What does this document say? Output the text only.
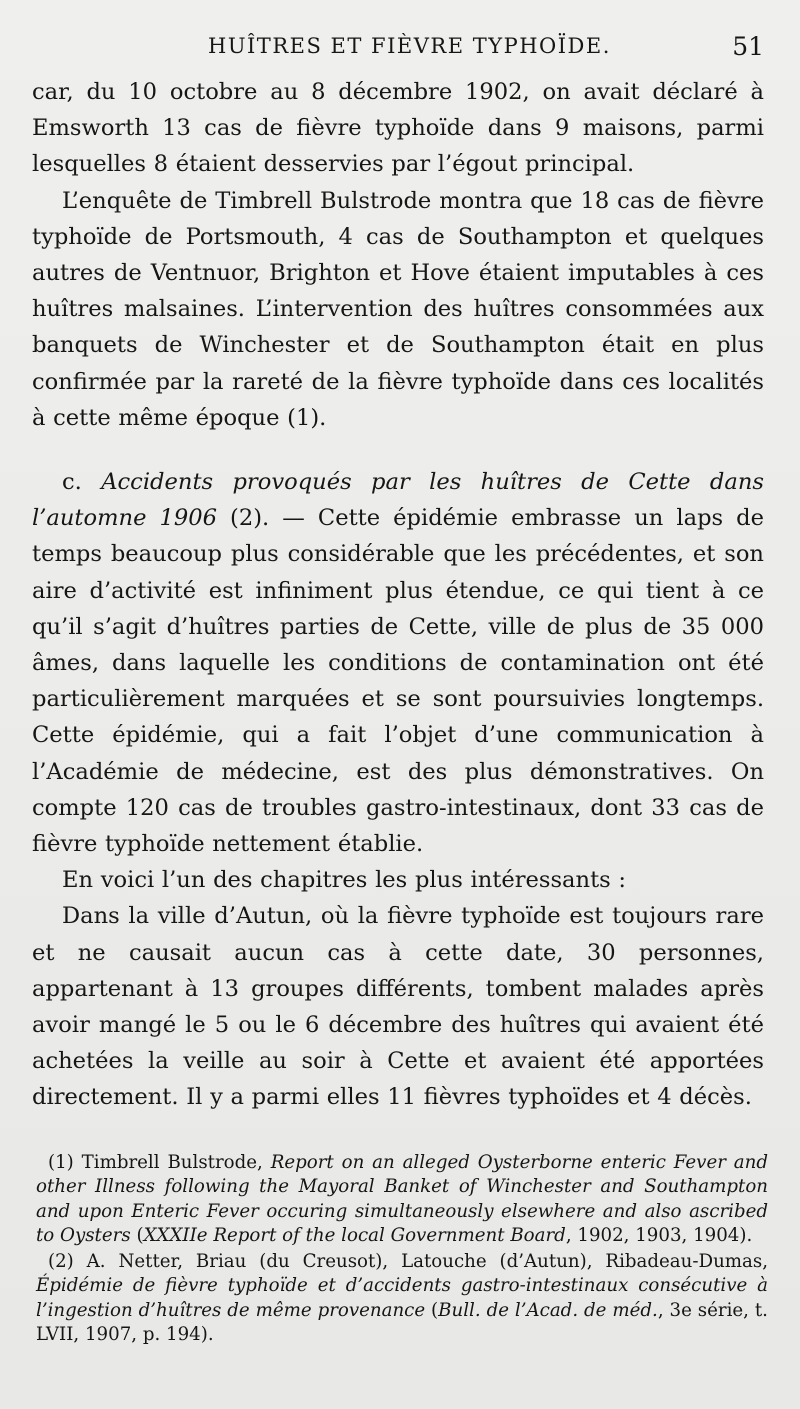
HUÎTRES ET FIÈVRE TYPHOÏDE.	51

car, du 10 octobre au 8 décembre 1902, on avait déclaré à Emsworth 13 cas de fièvre typhoïde dans 9 maisons, parmi lesquelles 8 étaient desservies par l’égout principal.

L’enquête de Timbrell Bulstrode montra que 18 cas de fièvre typhoïde de Portsmouth, 4 cas de Southampton et quelques autres de Ventnuor, Brighton et Hove étaient imputables à ces huîtres malsaines. L’intervention des huîtres consommées aux banquets de Winchester et de Southampton était en plus confirmée par la rareté de la fièvre typhoïde dans ces localités à cette même époque (1).

c. Accidents provoqués par les huîtres de Cette dans l’automne 1906 (2). — Cette épidémie embrasse un laps de temps beaucoup plus considérable que les précédentes, et son aire d’activité est infiniment plus étendue, ce qui tient à ce qu’il s’agit d’huîtres parties de Cette, ville de plus de 35 000 âmes, dans laquelle les conditions de contamination ont été particulièrement marquées et se sont poursuivies longtemps. Cette épidémie, qui a fait l’objet d’une communication à l’Académie de médecine, est des plus démonstratives. On compte 120 cas de troubles gastro-intestinaux, dont 33 cas de fièvre typhoïde nettement établie.

En voici l’un des chapitres les plus intéressants :

Dans la ville d’Autun, où la fièvre typhoïde est toujours rare et ne causait aucun cas à cette date, 30 personnes, appartenant à 13 groupes différents, tombent malades après avoir mangé le 5 ou le 6 décembre des huîtres qui avaient été achetées la veille au soir à Cette et avaient été apportées directement. Il y a parmi elles 11 fièvres typhoïdes et 4 décès.

(1) Timbrell Bulstrode, Report on an alleged Oysterborne enteric Fever and other Illness following the Mayoral Banket of Winchester and Southampton and upon Enteric Fever occuring simultaneously elsewhere and also ascribed to Oysters (XXXIIe Report of the local Government Board, 1902, 1903, 1904).

(2) A. Netter, Briau (du Creusot), Latouche (d’Autun), Ribadeau-Dumas, Épidémie de fièvre typhoïde et d’accidents gastro-intestinaux consécutive à l’ingestion d’huîtres de même provenance (Bull. de l’Acad. de méd., 3e série, t. LVII, 1907, p. 194).
